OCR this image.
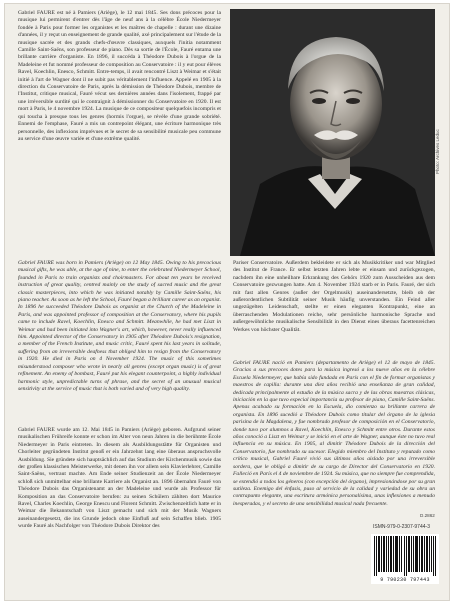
Photo: Archives Leduc

Gabriel FAURÉ est né à Pamiers (Ariège), le 12 mai 1845. Ses dons précoces pour la musique lui permirent d'entrer dès l'âge de neuf ans à la célèbre École Niedermeyer fondée à Paris pour former les organistes et les maîtres de chapelle : durant une dizaine d'années, il y reçut un enseignement de grande qualité, axé principalement sur l'étude de la musique sacrée et des grands chefs-d'œuvre classiques, auxquels l'initia notamment Camille Saint-Saëns, son professeur de piano. Dès sa sortie de l'École, Fauré entama une brillante carrière d'organiste. En 1896, il succéda à Théodore Dubois à l'orgue de la Madeleine et fut nommé professeur de composition au Conservatoire : il y eut pour élèves Ravel, Koechlin, Enesco, Schmitt. Entre-temps, il avait rencontré Liszt à Weimar et s'était initié à l'art de Wagner dont il ne subit pas véritablement l'influence. Appelé en 1905 à la direction du Conservatoire de Paris, après la démission de Théodore Dubois, membre de l'Institut, critique musical, Fauré vécut ses dernières années dans l'isolement, frappé par une irréversible surdité qui le contraignit à démissionner du Conservatoire en 1920. Il est mort à Paris, le 4 novembre 1924. La musique de ce compositeur quelquefois incompris et qui toucha à presque tous les genres (hormis l'orgue), se révèle d'une grande sobriété. Ennemi de l'emphase, Fauré a mis un contrepoint élégant, une écriture harmonique très personnelle, des inflexions imprévues et le secret de sa sensibilité musicale peu commune au service d'une œuvre variée et d'une extrême qualité.

Gabriel FAURÉ was born in Pamiers (Ariège) on 12 May 1845. Owing to his precocious musical gifts, he was able, at the age of nine, to enter the celebrated Niedermeyer School, founded in Paris to train organists and choirmasters. For about ten years he received instruction of great quality, centred mainly on the study of sacred music and the great classic masterpieces, into which he was initiated notably by Camille Saint-Saëns, his piano teacher. As soon as he left the School, Fauré began a brilliant career as an organist. In 1896 he succeeded Théodore Dubois as organist at the Church of the Madeleine in Paris, and was appointed professor of composition at the Conservatory, where his pupils came to include Ravel, Koechlin, Enesco and Schmitt. Meanwhile, he had met Liszt in Weimar and had been initiated into Wagner's art, which, however, never really influenced him. Appointed director of the Conservatory in 1905 after Théodore Dubois's resignation, a member of the French Institute, and music critic, Fauré spent his last years in solitude, suffering from an irreversible deafness that obliged him to resign from the Conservatory in 1920. He died in Paris on 4 November 1924. The music of this sometimes misunderstood composer who wrote in nearly all genres (except organ music) is of great refinement. An enemy of bombast, Fauré put his elegant counterpoint, a highly individual harmonic style, unpredictable turns of phrase, and the secret of an unusual musical sensitivity at the service of music that is both varied and of very high quality.

Gabriel FAURÉ wurde am 12. Mai 1845 in Pamiers (Ariège) geboren. Aufgrund seiner musikalischen Frühreife konnte er schon im Alter von neun Jahren in die berühmte École Niedermeyer in Paris eintreten. In diesem als Ausbildungsstätte für Organisten und Chorleiter gegründeten Institut genoß er ein Jahrzehnt lang eine überaus anspruchsvolle Ausbildung. Sie gründete sich hauptsächlich auf das Studium der Kirchenmusik sowie das der großen klassischen Meisterwerke, mit denen ihn vor allem sein Klavierlehrer, Camille Saint-Saëns, vertraut machte. Am Ende seiner Studienzeit an der École Niedermeyer schloß sich unmittelbar eine brillante Karriere als Organist an. 1896 übernahm Fauré von Théodore Dubois das Organistenamt an der Madeleine und wurde als Professor für Komposition an das Conservatoire berufen: zu seinen Schülern zählten dort Maurice Ravel, Charles Koechlin, George Enescu und Florent Schmitt. Zwischenzeitlich hatte er in Weimar die Bekanntschaft von Liszt gemacht und sich mit der Musik Wagners auseinandergesetzt, die ins Grunde jedoch ohne Einfluß auf sein Schaffen blieb. 1905 wurde Fauré als Nachfolger von Théodore Dubois Direktor des

Pariser Conservatoire. Außerdem bekleidete er sich als Musikkritiker und war Mitglied des Institut de France. Er selbst letzten Jahren lebte er einsam und zurückgezogen, nachdem ihn eine unheilbare Erkrankung des Gehörs 1920 zum Ausscheiden aus dem Conservatoire gezwungen hatte. Am 4. November 1924 starb er in Paris. Fauré, der sich mit fast allen Genres (außer der Orgelmusik) auseinandersetzte, bleib ob der außerordentlichen Subtilität seiner Musik häufig unverstanden. Ein Feind aller ungezügelten Leidenschaft, stellte er einen eleganten Kontrapunkt, eine an überraschenden Modulationen reiche, sehr persönliche harmonische Sprache und außergewöhnliche musikalische Sensibilität in den Dienst eines überaus facettenreichen Werkes von höchster Qualität.

Gabriel FAURÉ nació en Pamiers (departamento de Ariège) el 12 de mayo de 1845. Gracias a sus precoces dotes para la música ingresó a los nueve años en la célebre Escuela Niedermeyer, que había sido fundada en París con el fin de formar organistas y maestros de capilla: durante una diez años recibió una enseñanza de gran calidad, dedicada principalmente al estudio de la música sacra y de las obras maestras clásicas, iniciación en la que tuvo especial importancia su profesor de piano, Camille Saint-Saëns. Apenas acabado su formación en la Escuela, dio comienzo su brillante carrera de organista. En 1896 sucedió a Théodore Dubois como titular del órgano de la iglesia parisina de la Magdalena, y fue nombrado profesor de composición en el Conservatorio, donde tuvo por alumnos a Ravel, Koechlin, Enesco y Schmitt entre otros. Durante estos años conoció a Liszt en Weimar y se inició en el arte de Wagner, aunque éste no tuvo real influencia en su música. En 1905, al dimitir Théodore Dubois de la dirección del Conservatorio, fue nombrado su sucesor. Elegido miembro del Instituto y reputado como crítico musical, Gabriel Fauré vivió sus últimos años aislado por una irreversible sordera, que le obligó a dimitir de su cargo de Director del Conservatorio en 1920. Falleció en París el 4 de noviembre de 1924. Su música, que no siempre fue comprendida, se extendió a todos los géneros (con excepción del órgano), impresionándose por su gran sutileza. Enemigo del énfasis, puso al servicio de la calidad y variedad de su obra un contrapunto elegante, una escritura armónica personalísima, unas inflexiones a menudo inesperadas, y el secreto de una sensibilidad musical nada frecuente.

D.2862
ISMN-979-0-2307-9744-3
9 790230 797443
